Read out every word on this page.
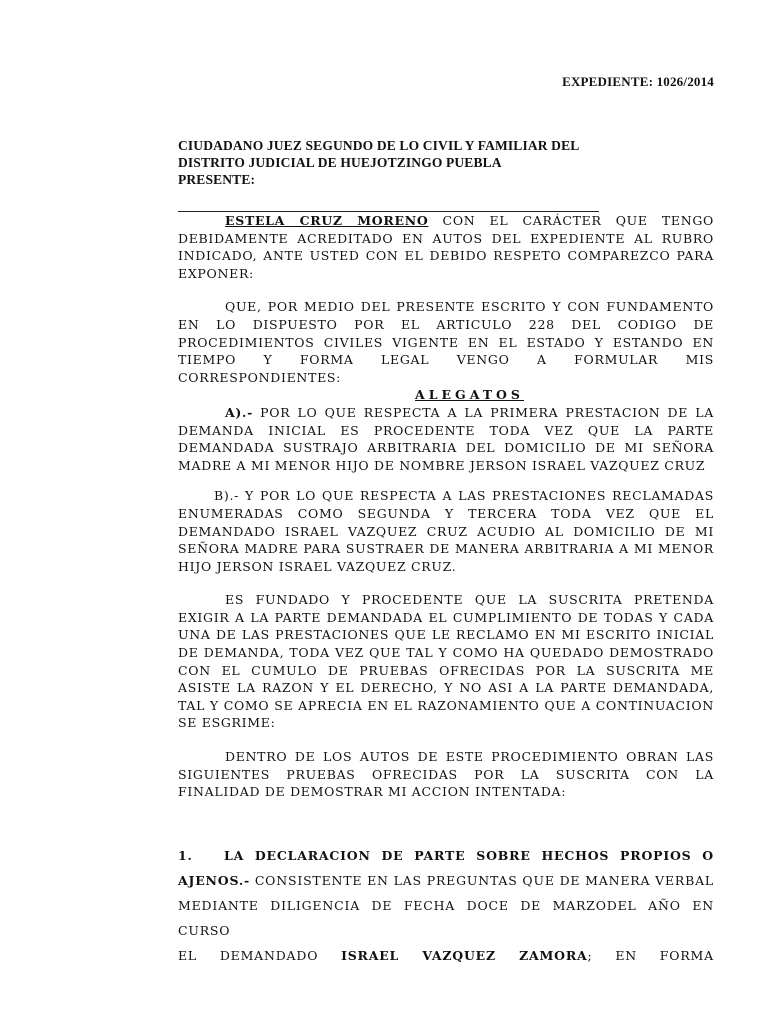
EXPEDIENTE: 1026/2014
CIUDADANO JUEZ SEGUNDO DE LO CIVIL Y FAMILIAR DEL
DISTRITO JUDICIAL DE HUEJOTZINGO PUEBLA
PRESENTE:

ESTELA CRUZ MORENO CON EL CARÁCTER QUE TENGO DEBIDAMENTE ACREDITADO EN AUTOS DEL EXPEDIENTE AL RUBRO INDICADO, ANTE USTED CON EL DEBIDO RESPETO COMPAREZCO PARA EXPONER:

QUE, POR MEDIO DEL PRESENTE ESCRITO Y CON FUNDAMENTO EN LO DISPUESTO POR EL ARTICULO 228 DEL CODIGO DE PROCEDIMIENTOS CIVILES VIGENTE EN EL ESTADO Y ESTANDO EN TIEMPO Y FORMA LEGAL VENGO A FORMULAR MIS CORRESPONDIENTES:

ALEGATOS

A).- POR LO QUE RESPECTA A LA PRIMERA PRESTACION DE LA DEMANDA INICIAL ES PROCEDENTE TODA VEZ QUE LA PARTE DEMANDADA SUSTRAJO ARBITRARIA DEL DOMICILIO DE MI SEÑORA MADRE A MI MENOR HIJO DE NOMBRE JERSON ISRAEL VAZQUEZ CRUZ

B).- Y POR LO QUE RESPECTA A LAS PRESTACIONES RECLAMADAS ENUMERADAS COMO SEGUNDA Y TERCERA TODA VEZ QUE EL DEMANDADO ISRAEL VAZQUEZ CRUZ ACUDIO AL DOMICILIO DE MI SEÑORA MADRE PARA SUSTRAER DE MANERA ARBITRARIA A MI MENOR HIJO JERSON ISRAEL VAZQUEZ CRUZ.

ES FUNDADO Y PROCEDENTE QUE LA SUSCRITA PRETENDA EXIGIR A LA PARTE DEMANDADA EL CUMPLIMIENTO DE TODAS Y CADA UNA DE LAS PRESTACIONES QUE LE RECLAMO EN MI ESCRITO INICIAL DE DEMANDA, TODA VEZ QUE TAL Y COMO HA QUEDADO DEMOSTRADO CON EL CUMULO DE PRUEBAS OFRECIDAS POR LA SUSCRITA ME ASISTE LA RAZON Y EL DERECHO, Y NO ASI A LA PARTE DEMANDADA, TAL Y COMO SE APRECIA EN EL RAZONAMIENTO QUE A CONTINUACION SE ESGRIME:

DENTRO DE LOS AUTOS DE ESTE PROCEDIMIENTO OBRAN LAS SIGUIENTES PRUEBAS OFRECIDAS POR LA SUSCRITA CON LA FINALIDAD DE DEMOSTRAR MI ACCION INTENTADA:

1.	LA DECLARACION DE PARTE SOBRE HECHOS PROPIOS O

AJENOS.- CONSISTENTE EN LAS PREGUNTAS QUE DE MANERA VERBAL

MEDIANTE DILIGENCIA DE FECHA DOCE DE MARZODEL AÑO EN CURSO

EL DEMANDADO ISRAEL VAZQUEZ ZAMORA; EN FORMA
